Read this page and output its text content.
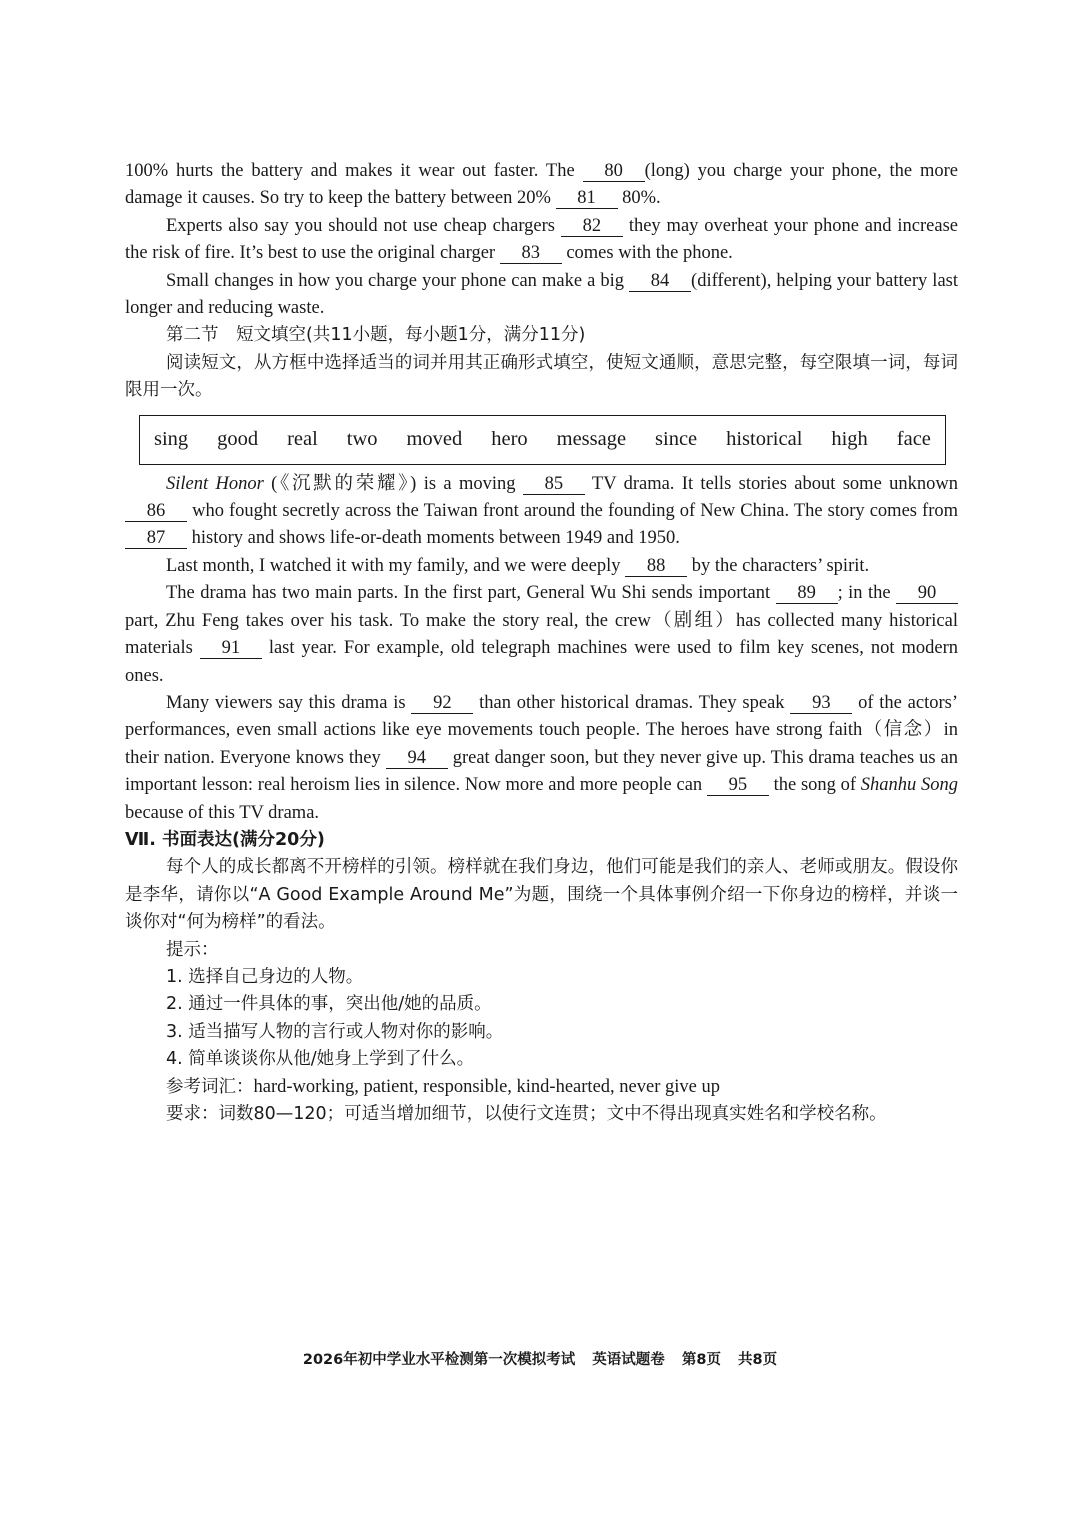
100% hurts the battery and makes it wear out faster. The 80 (long) you charge your phone, the more damage it causes. So try to keep the battery between 20% 81 80%.

Experts also say you should not use cheap chargers 82 they may overheat your phone and increase the risk of fire. It’s best to use the original charger 83 comes with the phone.

Small changes in how you charge your phone can make a big 84 (different), helping your battery last longer and reducing waste.

第二节　短文填空(共11小题，每小题1分，满分11分)

阅读短文，从方框中选择适当的词并用其正确形式填空，使短文通顺，意思完整，每空限填一词，每词限用一次。

sing good real two moved hero message since historical high face

Silent Honor (《沉默的荣耀》) is a moving 85 TV drama. It tells stories about some unknown 86 who fought secretly across the Taiwan front around the founding of New China. The story comes from 87 history and shows life-or-death moments between 1949 and 1950.

Last month, I watched it with my family, and we were deeply 88 by the characters’ spirit.

The drama has two main parts. In the first part, General Wu Shi sends important 89 ; in the 90 part, Zhu Feng takes over his task. To make the story real, the crew（剧组）has collected many historical materials 91 last year. For example, old telegraph machines were used to film key scenes, not modern ones.

Many viewers say this drama is 92 than other historical dramas. They speak 93 of the actors’ performances, even small actions like eye movements touch people. The heroes have strong faith（信念）in their nation. Everyone knows they 94 great danger soon, but they never give up. This drama teaches us an important lesson: real heroism lies in silence. Now more and more people can 95 the song of Shanhu Song because of this TV drama.

Ⅶ. 书面表达(满分20分)

每个人的成长都离不开榜样的引领。榜样就在我们身边，他们可能是我们的亲人、老师或朋友。假设你是李华，请你以“A Good Example Around Me”为题，围绕一个具体事例介绍一下你身边的榜样，并谈一谈你对“何为榜样”的看法。

提示：

1. 选择自己身边的人物。

2. 通过一件具体的事，突出他/她的品质。

3. 适当描写人物的言行或人物对你的影响。

4. 简单谈谈你从他/她身上学到了什么。

参考词汇：hard-working, patient, responsible, kind-hearted, never give up

要求：词数80—120；可适当增加细节，以使行文连贯；文中不得出现真实姓名和学校名称。

2026年初中学业水平检测第一次模拟考试 英语试题卷 第8页 共8页
